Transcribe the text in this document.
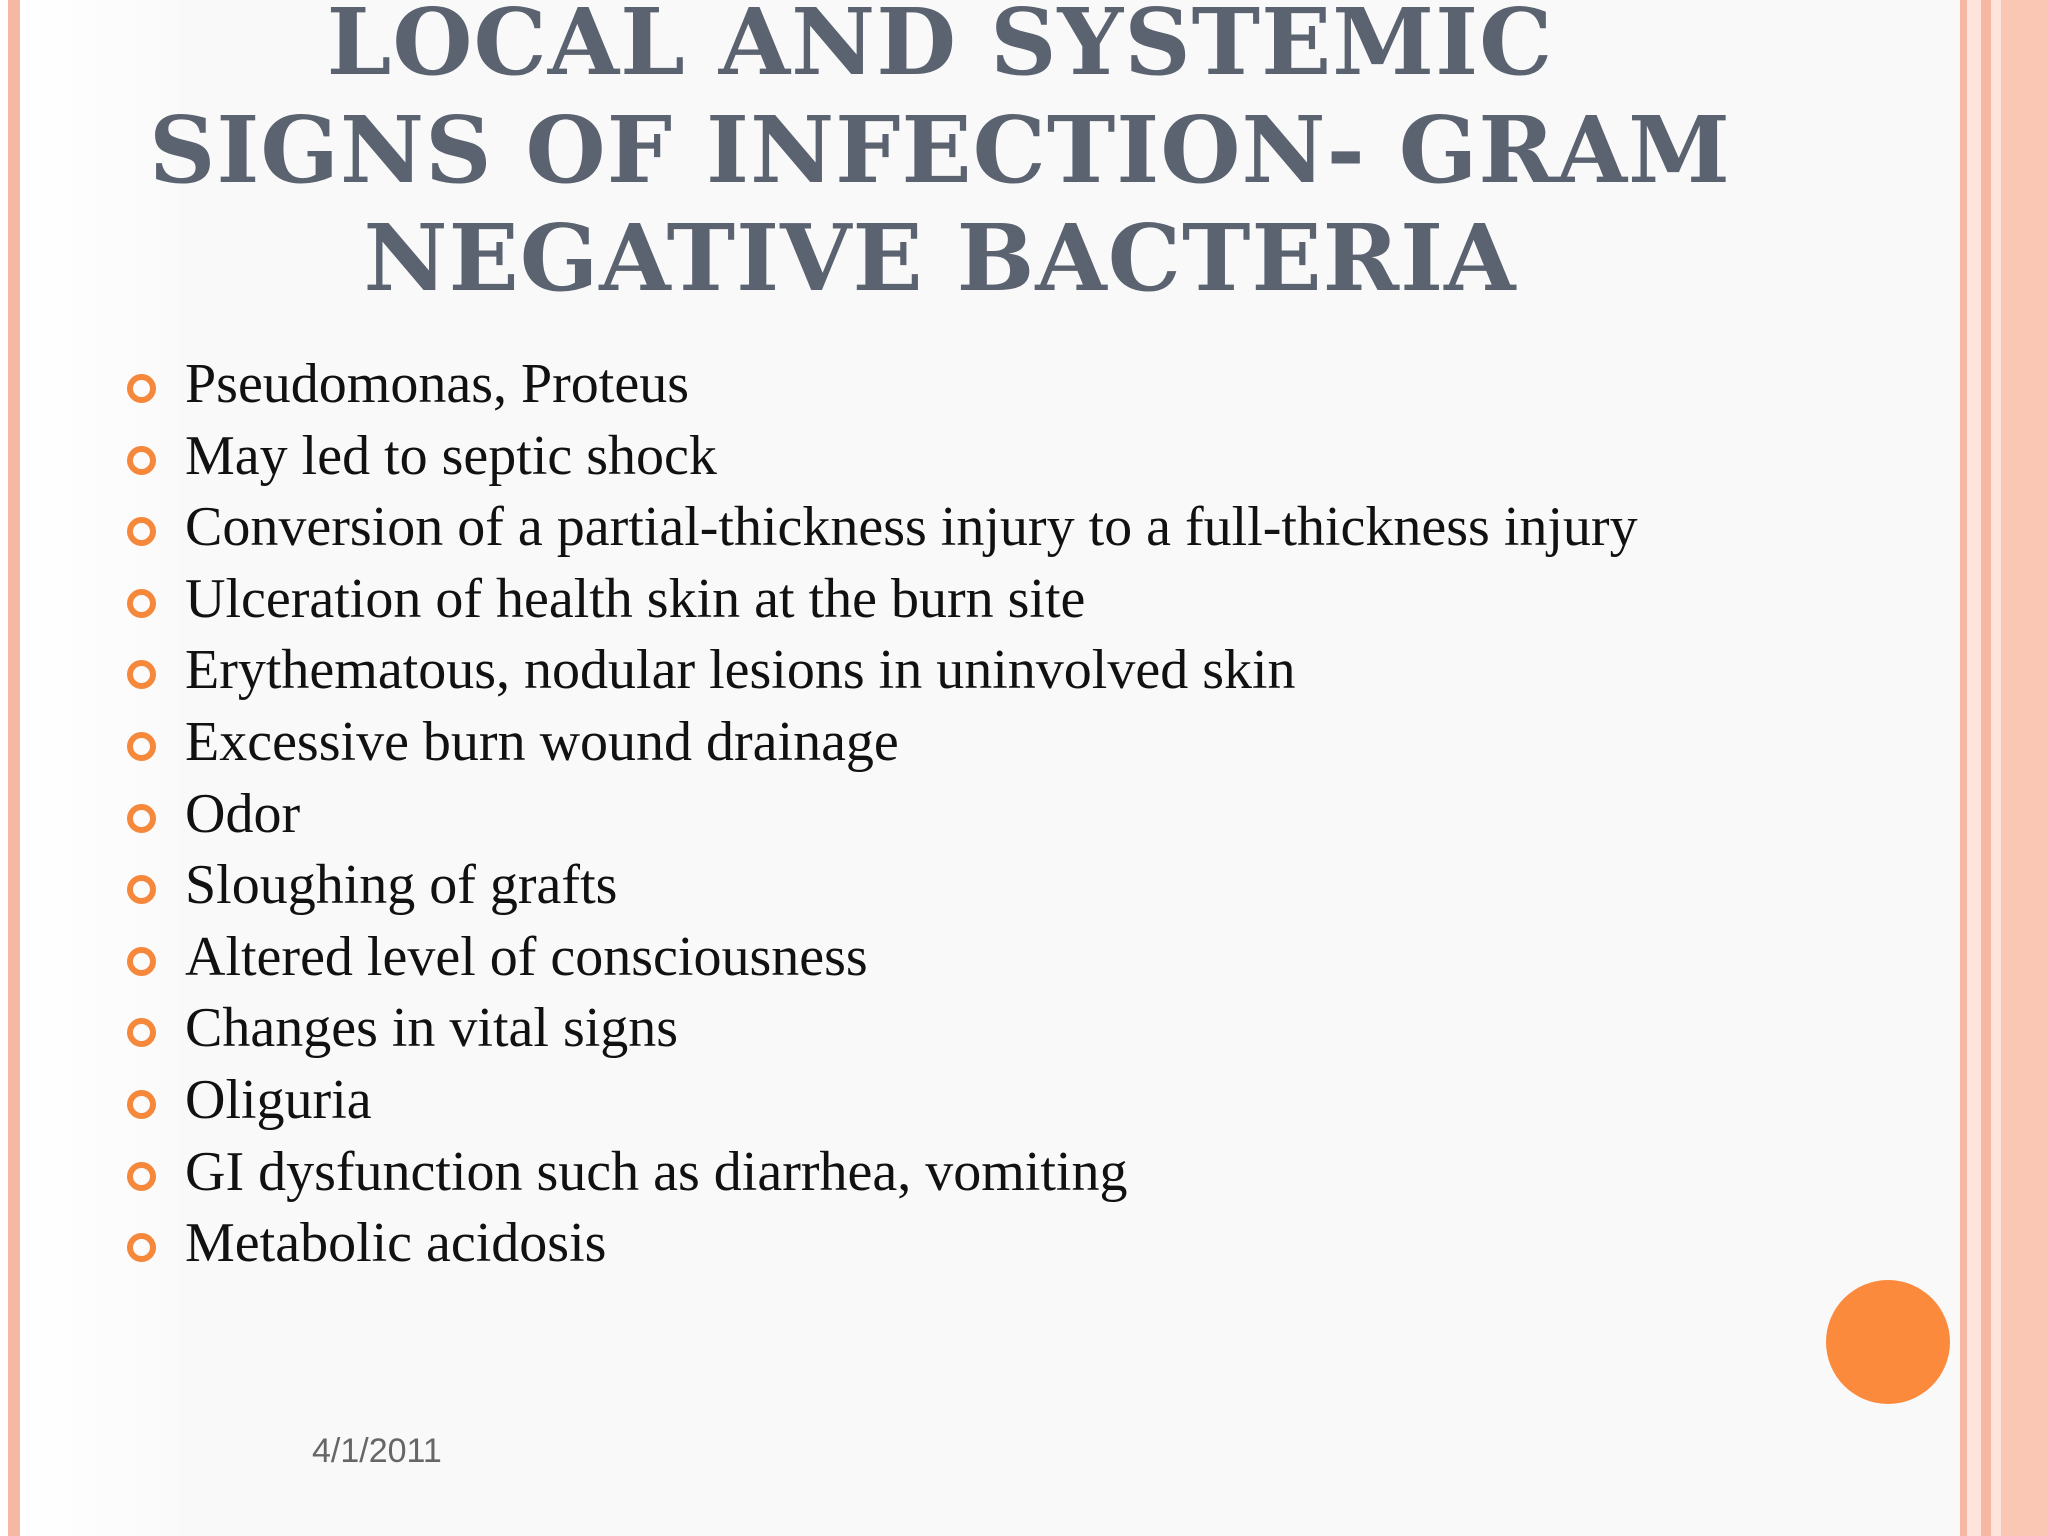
LOCAL AND SYSTEMIC SIGNS OF INFECTION- GRAM NEGATIVE BACTERIA
Pseudomonas, Proteus
May led to septic shock
Conversion of a partial-thickness injury to a full-thickness injury
Ulceration of health skin at the burn site
Erythematous, nodular lesions in uninvolved skin
Excessive burn wound drainage
Odor
Sloughing of grafts
Altered level of consciousness
Changes in vital signs
Oliguria
GI dysfunction such as diarrhea, vomiting
Metabolic acidosis
4/1/2011
